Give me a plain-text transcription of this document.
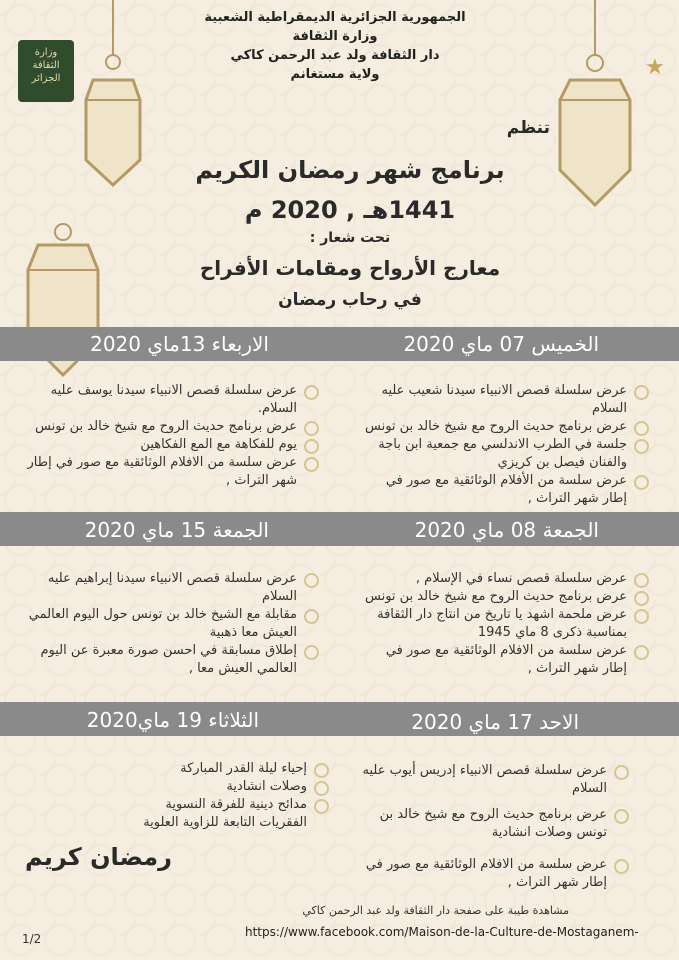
★
وزارة
الثقافة
الجزائر
الجمهورية الجزائرية الديمقراطية الشعبية
وزارة الثقافة
دار الثقافة ولد عبد الرحمن كاكي
ولاية مستغانم
تنظم
برنامج شهر رمضان الكريم
1441هـ , 2020 م
تحت شعار :
معارج الأرواح ومقامات الأفراح
في رحاب رمضان
الخميس 07 ماي 2020
الاربعاء 13ماي 2020
الجمعة 08 ماي 2020
الجمعة 15 ماي 2020
الاحد 17 ماي 2020
الثلاثاء 19 ماي2020
عرض سلسلة قصص الانبياء سيدنا شعيب عليه السلام
عرض برنامج حديث الروح مع شيخ خالد بن تونس
جلسة في الطرب الاندلسي مع جمعية ابن باجة والفنان فيصل بن كريزي
عرض سلسة من الأفلام الوثائقية مع صور في إطار شهر التراث ,
عرض سلسلة قصص الانبياء سيدنا يوسف عليه السلام.
عرض برنامج حديث الروح مع شيخ خالد بن تونس
يوم للفكاهة مع المع الفكاهين
عرض سلسة من الافلام الوثائقية مع صور في إطار شهر التراث ,
عرض سلسلة قصص نساء في الإسلام ,
عرض برنامج حديث الروح مع شيخ خالد بن تونس
عرض ملحمة اشهد يا تاريخ من انتاج دار الثقافة بمناسبة ذكرى 8 ماي 1945
عرض سلسة من الافلام الوثائقية مع صور في إطار شهر التراث ,
عرض سلسلة قصص الانبياء سيدنا إبراهيم عليه السلام
مقابلة مع الشيخ خالد بن تونس حول اليوم العالمي العيش معا ذهبية
إطلاق مسابقة في احسن صورة معبرة عن اليوم العالمي العيش معا ,
عرض سلسلة قصص الانبياء إدريس أيوب عليه السلام
عرض برنامج حديث الروح مع شيخ خالد بن تونس وصلات انشادية
عرض سلسة من الافلام الوثائقية مع صور في إطار شهر التراث ,
إحياء ليلة القدر المباركة
وصلات انشادية
مدائح دينية للفرقة النسوية الفقريات التابعة للزاوية العلوية
رمضان كريم
مشاهدة طيبة على صفحة دار الثقافة ولد عبد الرحمن كاكي
https://www.facebook.com/Maison-de-la-Culture-de-Mostaganem-
1/2
